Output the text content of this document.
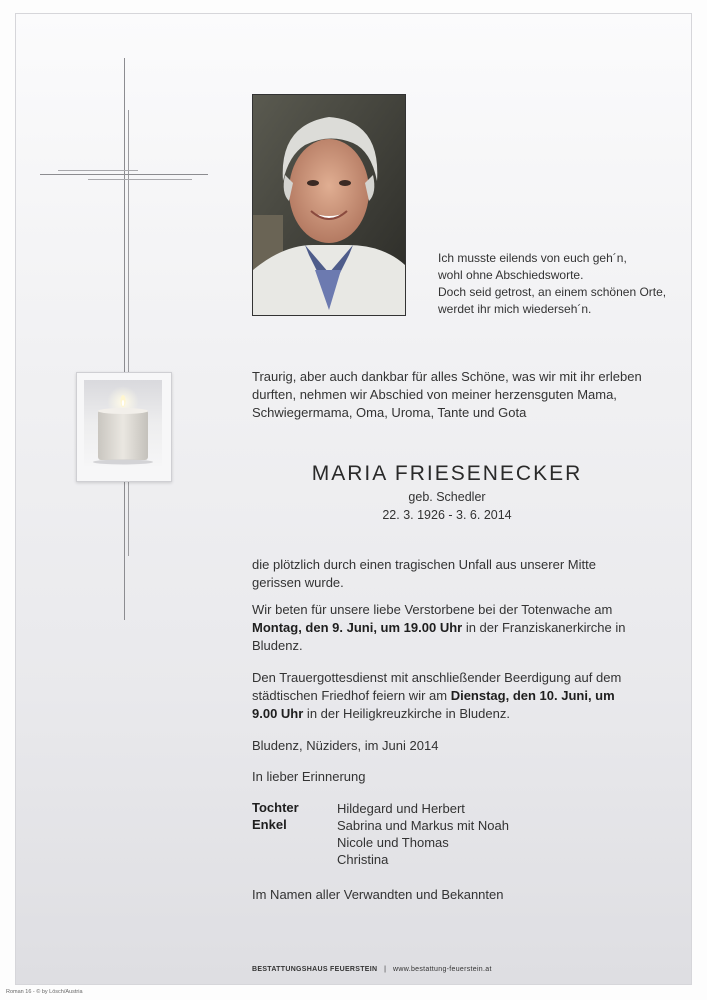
Ich musste eilends von euch geh´n,
wohl ohne Abschiedsworte.
Doch seid getrost, an einem schönen Orte,
werdet ihr mich wiederseh´n.
Traurig, aber auch dankbar für alles Schöne, was wir mit ihr erleben
durften, nehmen wir Abschied von meiner herzensguten Mama,
Schwiegermama, Oma, Uroma, Tante und Gota
MARIA FRIESENECKER
geb. Schedler
22. 3. 1926 - 3. 6. 2014
die plötzlich durch einen tragischen Unfall aus unserer Mitte
gerissen wurde.
Wir beten für unsere liebe Verstorbene bei der Totenwache am
Montag, den 9. Juni, um 19.00 Uhr in der Franziskanerkirche in
Bludenz.
Den Trauergottesdienst mit anschließender Beerdigung auf dem
städtischen Friedhof feiern wir am Dienstag, den 10. Juni, um
9.00 Uhr in der Heiligkreuzkirche in Bludenz.
Bludenz, Nüziders, im Juni 2014
In lieber Erinnerung
Tochter
Enkel
Hildegard und Herbert
Sabrina und Markus mit Noah
Nicole und Thomas
Christina
Im Namen aller Verwandten und Bekannten
BESTATTUNGSHAUS FEUERSTEIN | www.bestattung-feuerstein.at
Roman 16 - © by Lösch/Austria
